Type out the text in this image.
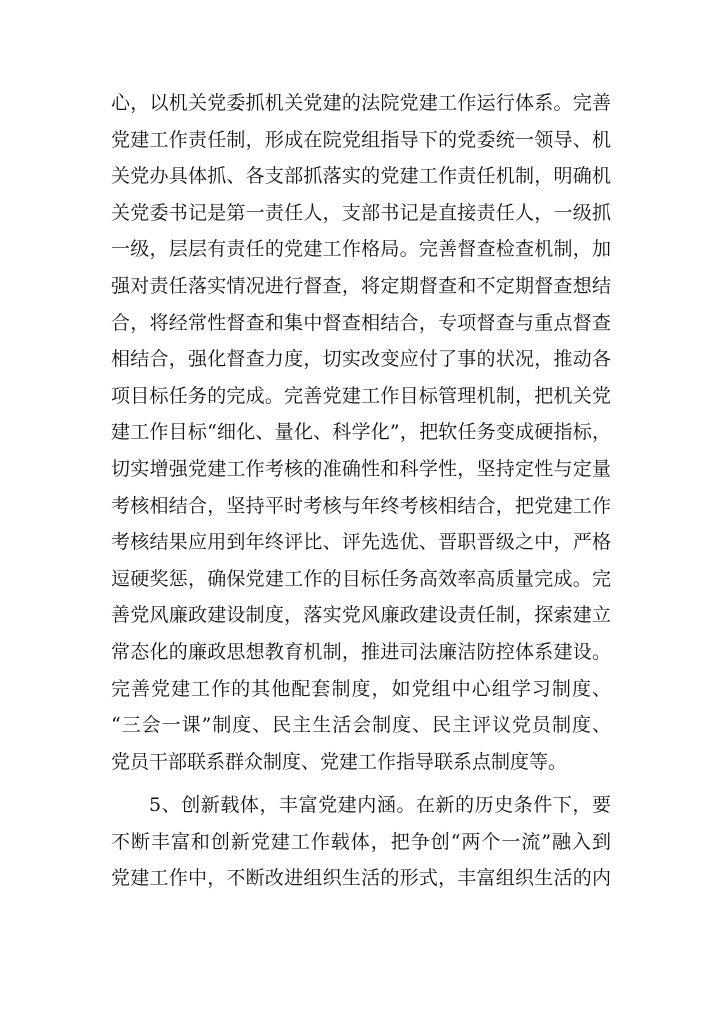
心，以机关党委抓机关党建的法院党建工作运行体系。完善
党建工作责任制，形成在院党组指导下的党委统一领导、机
关党办具体抓、各支部抓落实的党建工作责任机制，明确机
关党委书记是第一责任人，支部书记是直接责任人，一级抓
一级，层层有责任的党建工作格局。完善督查检查机制，加
强对责任落实情况进行督查，将定期督查和不定期督查想结
合，将经常性督查和集中督查相结合，专项督查与重点督查
相结合，强化督查力度，切实改变应付了事的状况，推动各
项目标任务的完成。完善党建工作目标管理机制，把机关党
建工作目标“细化、量化、科学化”，把软任务变成硬指标，
切实增强党建工作考核的准确性和科学性，坚持定性与定量
考核相结合，坚持平时考核与年终考核相结合，把党建工作
考核结果应用到年终评比、评先选优、晋职晋级之中，严格
逗硬奖惩，确保党建工作的目标任务高效率高质量完成。完
善党风廉政建设制度，落实党风廉政建设责任制，探索建立
常态化的廉政思想教育机制，推进司法廉洁防控体系建设。
完善党建工作的其他配套制度，如党组中心组学习制度、
“三会一课”制度、民主生活会制度、民主评议党员制度、
党员干部联系群众制度、党建工作指导联系点制度等。
5、创新载体，丰富党建内涵。在新的历史条件下，要
不断丰富和创新党建工作载体，把争创“两个一流”融入到
党建工作中，不断改进组织生活的形式，丰富组织生活的内
